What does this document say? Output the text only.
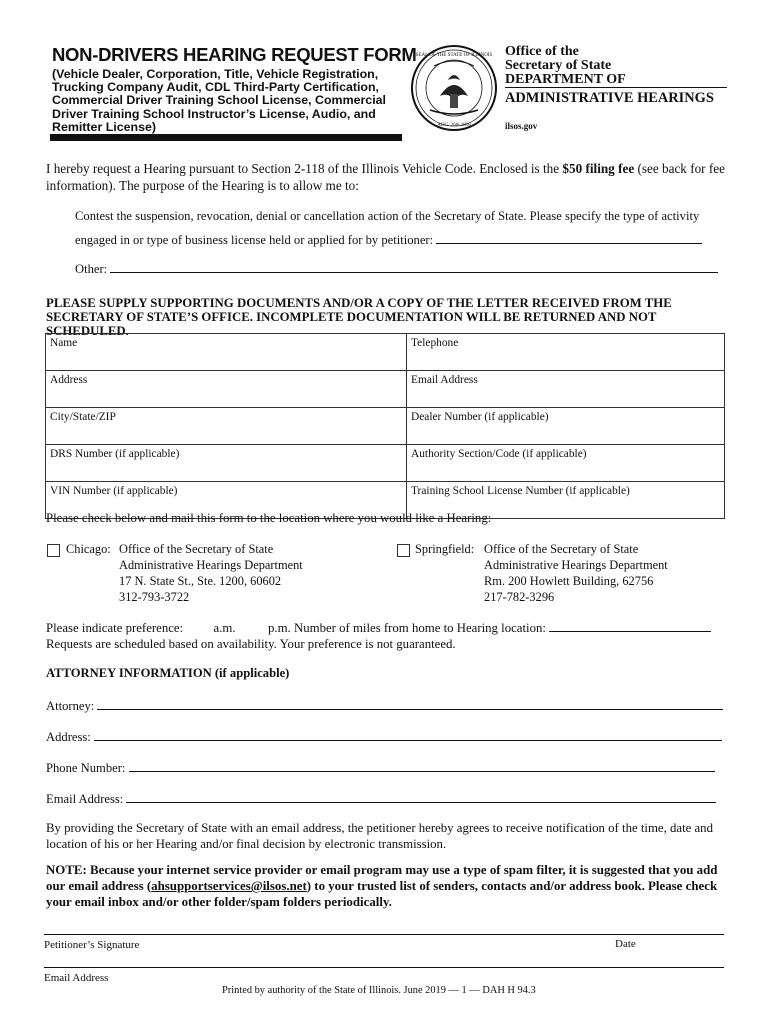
NON-DRIVERS HEARING REQUEST FORM
(Vehicle Dealer, Corporation, Title, Vehicle Registration, Trucking Company Audit, CDL Third-Party Certification, Commercial Driver Training School License, Commercial Driver Training School Instructor’s License, Audio, and Remitter License)
SEAL OF THE STATE OF ILLINOIS
AUG. 26th 1818
Office of the
Secretary of State
DEPARTMENT OF
ADMINISTRATIVE HEARINGS
ilsos.gov
I hereby request a Hearing pursuant to Section 2-118 of the Illinois Vehicle Code. Enclosed is the $50 filing fee (see back for fee information). The purpose of the Hearing is to allow me to:
Contest the suspension, revocation, denial or cancellation action of the Secretary of State. Please specify the type of activity
engaged in or type of business license held or applied for by petitioner:
Other:
PLEASE SUPPLY SUPPORTING DOCUMENTS AND/OR A COPY OF THE LETTER RECEIVED FROM THE SECRETARY OF STATE’S OFFICE. INCOMPLETE DOCUMENTATION WILL BE RETURNED AND NOT SCHEDULED.
Name	Telephone
Address	Email Address
City/State/ZIP	Dealer Number (if applicable)
DRS Number (if applicable)	Authority Section/Code (if applicable)
VIN Number (if applicable)	Training School License Number (if applicable)
Please check below and mail this form to the location where you would like a Hearing:
Chicago: Office of the Secretary of State
Administrative Hearings Department
17 N. State St., Ste. 1200, 60602
312-793-3722
Springfield: Office of the Secretary of State
Administrative Hearings Department
Rm. 200 Howlett Building, 62756
217-782-3296
Please indicate preference: a.m.	p.m. Number of miles from home to Hearing location:
Requests are scheduled based on availability. Your preference is not guaranteed.
ATTORNEY INFORMATION (if applicable)
Attorney:
Address:
Phone Number:
Email Address:
By providing the Secretary of State with an email address, the petitioner hereby agrees to receive notification of the time, date and location of his or her Hearing and/or final decision by electronic transmission.
NOTE: Because your internet service provider or email program may use a type of spam filter, it is suggested that you add our email address (ahsupportservices@ilsos.net) to your trusted list of senders, contacts and/or address book. Please check your email inbox and/or other folder/spam folders periodically.
Petitioner’s Signature	Date
Email Address
Printed by authority of the State of Illinois. June 2019 — 1 — DAH H 94.3
